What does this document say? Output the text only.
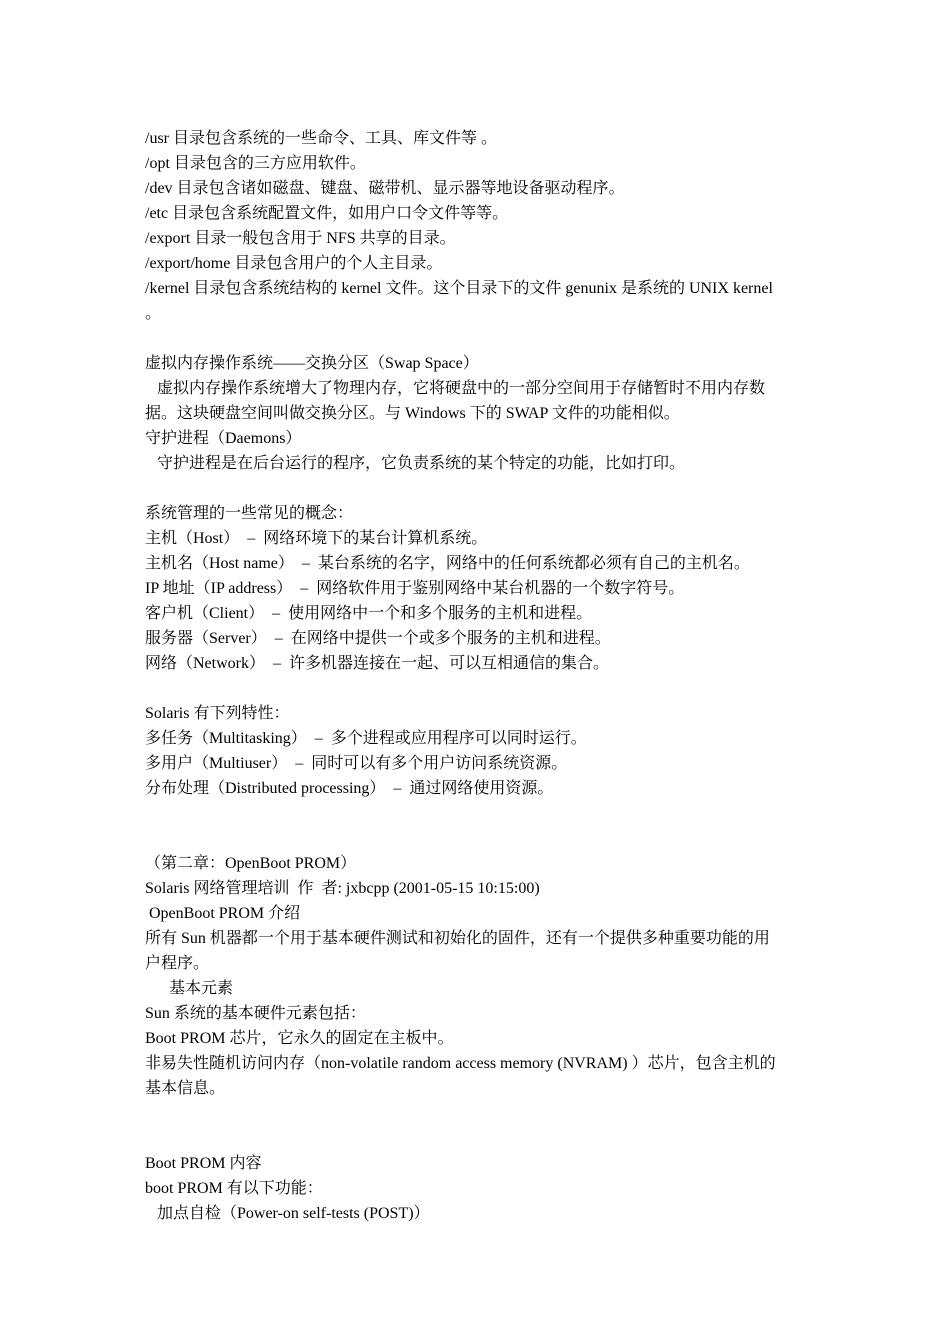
/usr 目录包含系统的一些命令、工具、库文件等 。
/opt 目录包含的三方应用软件。
/dev 目录包含诸如磁盘、键盘、磁带机、显示器等地设备驱动程序。
/etc 目录包含系统配置文件，如用户口令文件等等。
/export 目录一般包含用于 NFS 共享的目录。
/export/home 目录包含用户的个人主目录。
/kernel 目录包含系统结构的 kernel 文件。这个目录下的文件 genunix 是系统的 UNIX kernel
。
虚拟内存操作系统——交换分区（Swap Space）
虚拟内存操作系统增大了物理内存，它将硬盘中的一部分空间用于存储暂时不用内存数
据。这块硬盘空间叫做交换分区。与 Windows 下的 SWAP 文件的功能相似。
守护进程（Daemons）
守护进程是在后台运行的程序，它负责系统的某个特定的功能，比如打印。
系统管理的一些常见的概念：
主机（Host）  –  网络环境下的某台计算机系统。
主机名（Host name）  –  某台系统的名字，网络中的任何系统都必须有自己的主机名。
IP 地址（IP address）  –  网络软件用于鉴别网络中某台机器的一个数字符号。
客户机（Client）  –  使用网络中一个和多个服务的主机和进程。
服务器（Server）  –  在网络中提供一个或多个服务的主机和进程。
网络（Network）  –  许多机器连接在一起、可以互相通信的集合。
Solaris 有下列特性：
多任务（Multitasking）  –  多个进程或应用程序可以同时运行。
多用户（Multiuser）  –  同时可以有多个用户访问系统资源。
分布处理（Distributed processing）  –  通过网络使用资源。
（第二章：OpenBoot PROM）
Solaris 网络管理培训  作  者: jxbcpp (2001-05-15 10:15:00)
OpenBoot PROM 介绍
所有 Sun 机器都一个用于基本硬件测试和初始化的固件，还有一个提供多种重要功能的用
户程序。
基本元素
Sun 系统的基本硬件元素包括：
Boot PROM 芯片，它永久的固定在主板中。
非易失性随机访问内存（non-volatile random access memory (NVRAM) ）芯片，包含主机的
基本信息。
Boot PROM 内容
boot PROM 有以下功能：
加点自检（Power-on self-tests (POST)）
